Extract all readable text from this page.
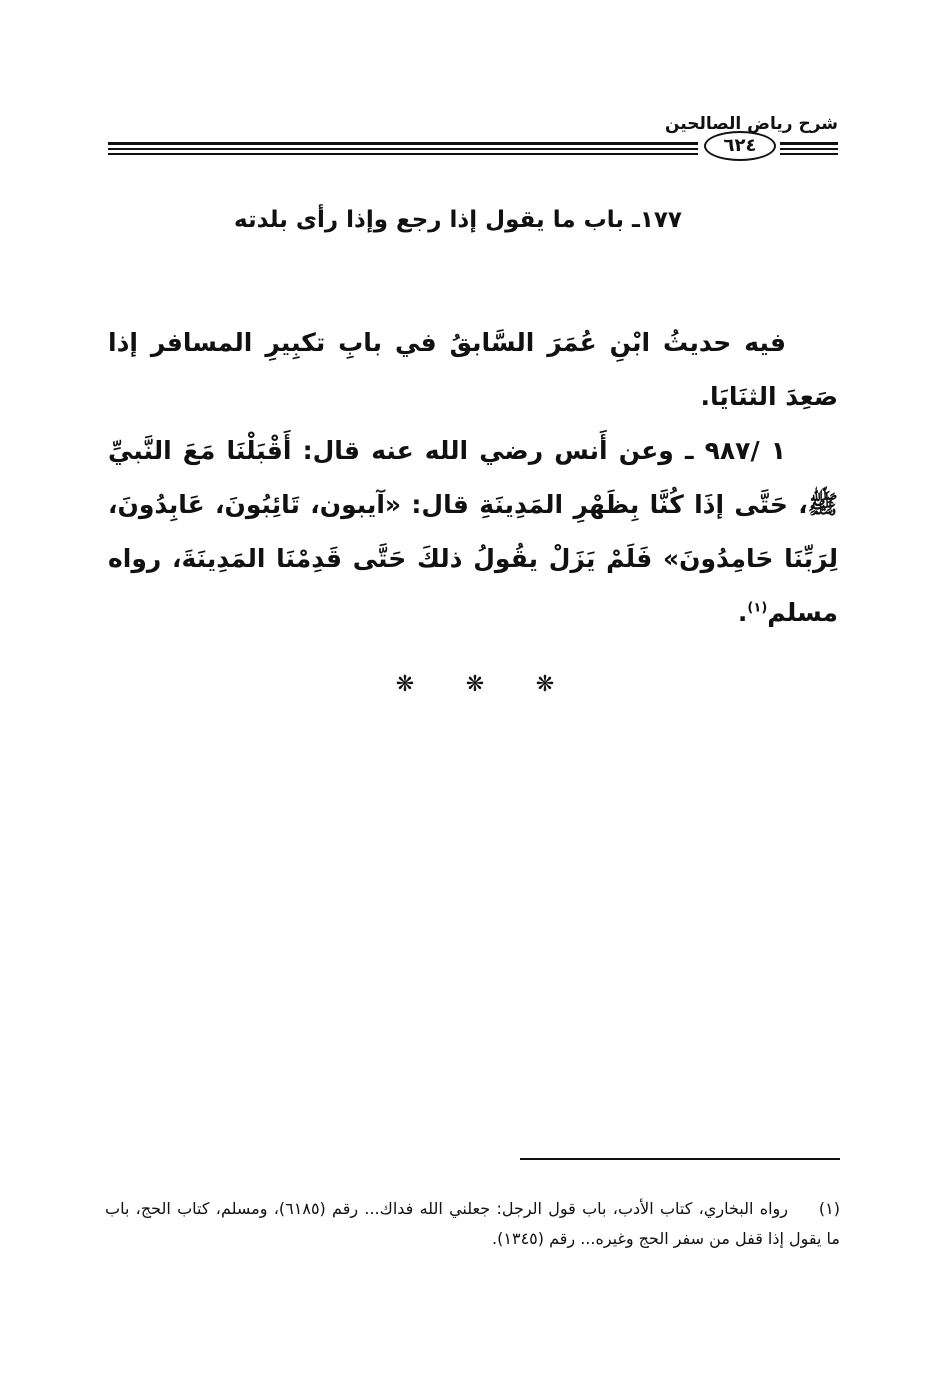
شرح رياض الصالحين
٦٢٤
١٧٧ـ باب ما يقول إذا رجع وإذا رأى بلدته
فيه حديثُ ابْنِ عُمَرَ السَّابقُ في بابِ تكبِيرِ المسافر إذا صَعِدَ الثنَايَا.
١ /٩٨٧ ـ وعن أَنس رضي الله عنه قال: أَقْبَلْنَا مَعَ النَّبيِّ ﷺ، حَتَّى إذَا كُنَّا بِظَهْرِ المَدِينَةِ قال: «آيبون، تَائِبُونَ، عَابِدُونَ، لِرَبِّنَا حَامِدُونَ» فَلَمْ يَزَلْ يقُولُ ذلكَ حَتَّى قَدِمْنَا المَدِينَةَ، رواه مسلم$^{(١)}$.
❋❋❋
(١)رواه البخاري، كتاب الأدب، باب قول الرجل: جعلني الله فداك... رقم (٦١٨٥)، ومسلم، كتاب الحج، باب ما يقول إذا قفل من سفر الحج وغيره... رقم (١٣٤٥).
